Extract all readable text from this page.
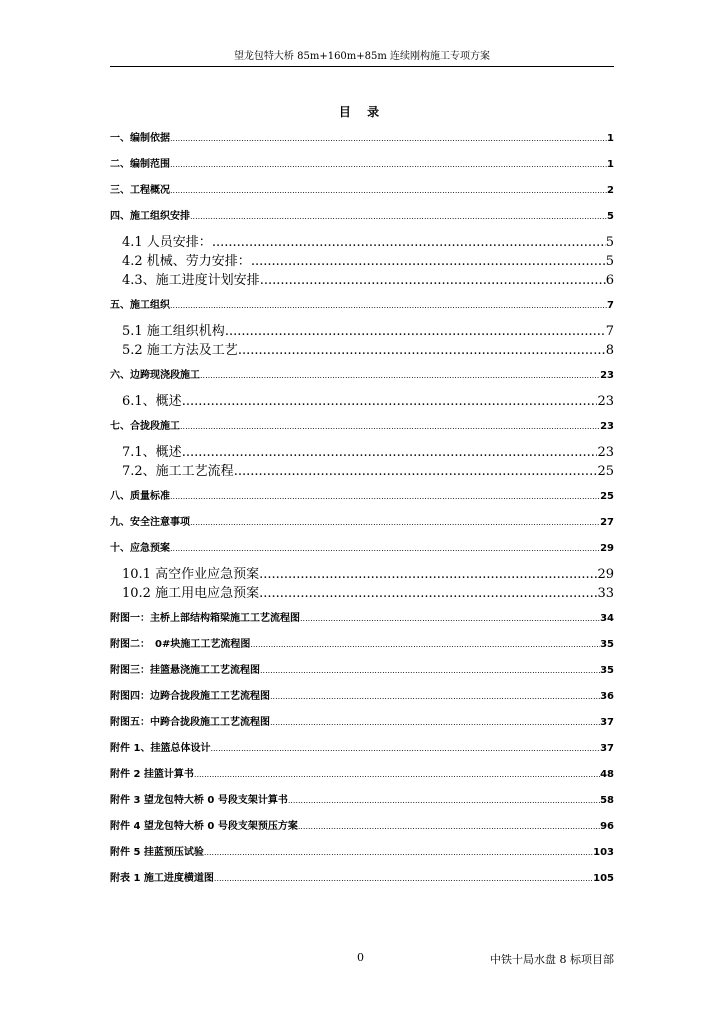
望龙包特大桥 85m+160m+85m 连续刚构施工专项方案
目 录
一、编制依据 .....	1
二、编制范围 .....	1
三、工程概况 .....	2
四、施工组织安排 .....	5
4.1 人员安排： .....	5
4.2 机械、劳力安排： .....	5
4.3、施工进度计划安排 .....	6
五、施工组织 .....	7
5.1 施工组织机构 .....	7
5.2 施工方法及工艺 .....	8
六、边跨现浇段施工 .....	23
6.1、概述 .....	23
七、合拢段施工 .....	23
7.1、概述 .....	23
7.2、施工工艺流程 .....	25
八、质量标准 .....	25
九、安全注意事项 .....	27
十、应急预案 .....	29
10.1 高空作业应急预案 .....	29
10.2 施工用电应急预案 .....	33
附图一：主桥上部结构箱梁施工工艺流程图 .....	34
附图二：　0#块施工工艺流程图 .....	35
附图三：挂篮悬浇施工工艺流程图 .....	35
附图四：边跨合拢段施工工艺流程图 .....	36
附图五：中跨合拢段施工工艺流程图 .....	37
附件 1、挂篮总体设计 .....	37
附件 2 挂篮计算书 .....	48
附件 3 望龙包特大桥 0 号段支架计算书 .....	58
附件 4 望龙包特大桥 0 号段支架预压方案 .....	96
附件 5 挂蓝预压试验 .....	103
附表 1 施工进度横道图 .....	105
0	中铁十局水盘 8 标项目部
